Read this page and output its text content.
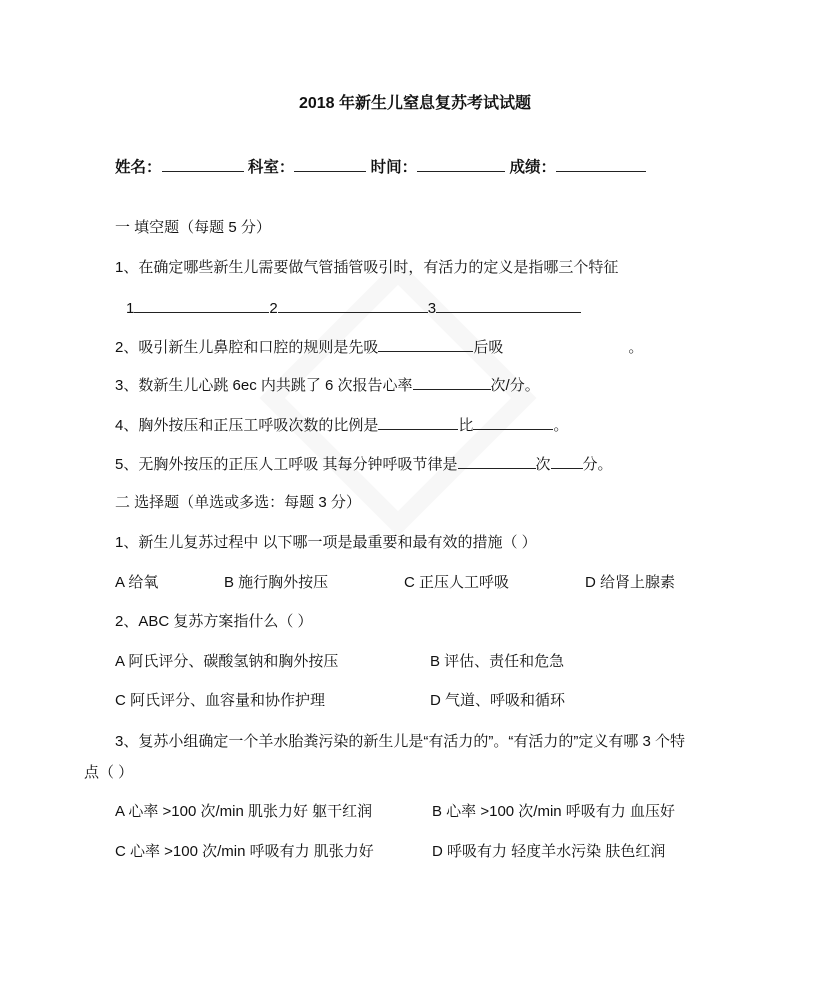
2018 年新生儿窒息复苏考试试题
姓名：	科室：	时间：	成绩：
一 填空题（每题 5 分）
1、在确定哪些新生儿需要做气管插管吸引时，有活力的定义是指哪三个特征
1	2	3
2、吸引新生儿鼻腔和口腔的规则是先吸	后吸	。
3、数新生儿心跳 6ec 内共跳了 6 次报告心率	次/分。
4、胸外按压和正压工呼吸次数的比例是	比	。
5、无胸外按压的正压人工呼吸 其每分钟呼吸节律是	次 分。
二 选择题（单选或多选：每题 3 分）
1、新生儿复苏过程中 以下哪一项是最重要和最有效的措施（ ）
A 给氧	B 施行胸外按压	C 正压人工呼吸	D 给肾上腺素
2、ABC 复苏方案指什么（ ）
A 阿氏评分、碳酸氢钠和胸外按压	B 评估、责任和危急
C 阿氏评分、血容量和协作护理	D 气道、呼吸和循环
3、复苏小组确定一个羊水胎粪污染的新生儿是“有活力的”。“有活力的”定义有哪 3 个特
点（ ）
A 心率 >100 次/min 肌张力好 躯干红润	B 心率 >100 次/min 呼吸有力 血压好
C 心率 >100 次/min 呼吸有力 肌张力好	D 呼吸有力 轻度羊水污染 肤色红润
